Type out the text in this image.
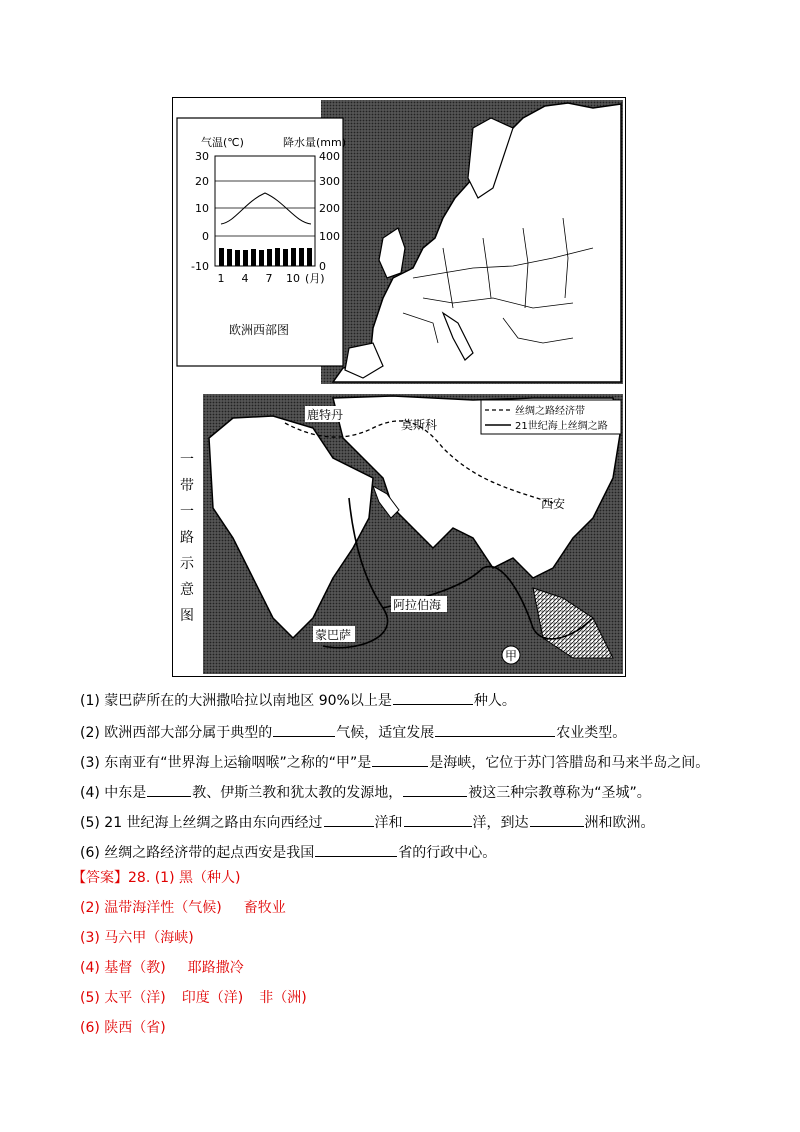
气温(℃)	降水量(mm)
30
20
10
0
-10
400
300
200
100
0
1 4 7 10 (月)
欧洲西部图
丝绸之路经济带
21世纪海上丝绸之路
鹿特丹
莫斯科
西安
阿拉伯海
蒙巴萨
甲
一
带
一
路
示
意
图
(1) 蒙巴萨所在的大洲撒哈拉以南地区 90%以上是	种人。
(2) 欧洲西部大部分属于典型的	气候，适宜发展	农业类型。
(3) 东南亚有“世界海上运输咽喉”之称的“甲”是	是海峡，它位于苏门答腊岛和马来半岛之间。
(4) 中东是	教、伊斯兰教和犹太教的发源地，	被这三种宗教尊称为“圣城”。
(5) 21 世纪海上丝绸之路由东向西经过	洋和	洋，到达	洲和欧洲。
(6) 丝绸之路经济带的起点西安是我国	省的行政中心。
【答案】28. (1) 黑（种人)
(2) 温带海洋性（气候) 畜牧业
(3) 马六甲（海峡)
(4) 基督（教) 耶路撒冷
(5) 太平（洋) 印度（洋) 非（洲)
(6) 陕西（省)
